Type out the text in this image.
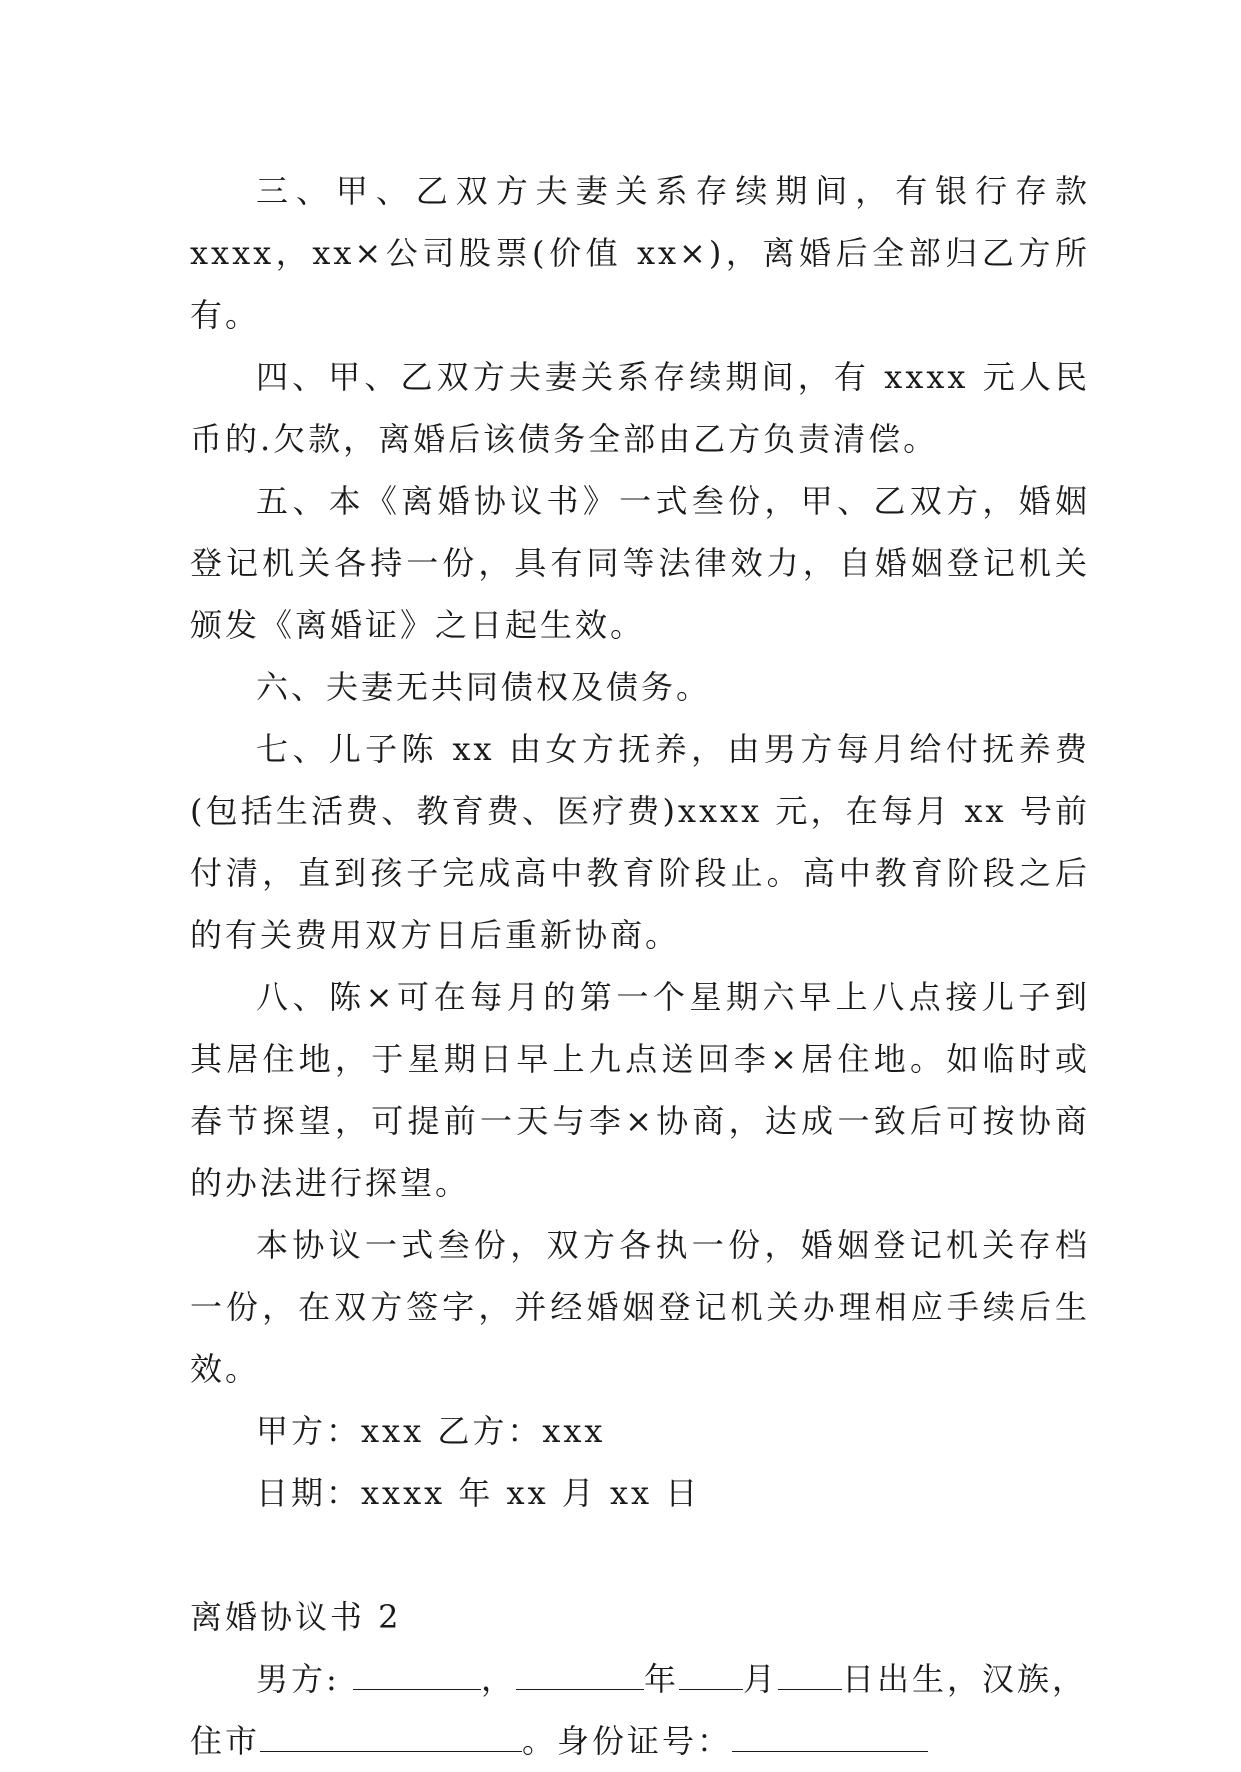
三、甲、乙双方夫妻关系存续期间，有银行存款 xxxx，xx×公司股票(价值 xx×)，离婚后全部归乙方所有。

四、甲、乙双方夫妻关系存续期间，有 xxxx 元人民币的.欠款，离婚后该债务全部由乙方负责清偿。

五、本《离婚协议书》一式叁份，甲、乙双方，婚姻登记机关各持一份，具有同等法律效力，自婚姻登记机关颁发《离婚证》之日起生效。

六、夫妻无共同债权及债务。

七、儿子陈 xx 由女方抚养，由男方每月给付抚养费(包括生活费、教育费、医疗费)xxxx 元，在每月 xx 号前付清，直到孩子完成高中教育阶段止。高中教育阶段之后的有关费用双方日后重新协商。

八、陈×可在每月的第一个星期六早上八点接儿子到其居住地，于星期日早上九点送回李×居住地。如临时或春节探望，可提前一天与李×协商，达成一致后可按协商的办法进行探望。

本协议一式叁份，双方各执一份，婚姻登记机关存档一份，在双方签字，并经婚姻登记机关办理相应手续后生效。

甲方：xxx 乙方：xxx

日期：xxxx 年 xx 月 xx 日

离婚协议书 2

男方:	，	年 月 日出生，汉族，
住市	。身份证号：
